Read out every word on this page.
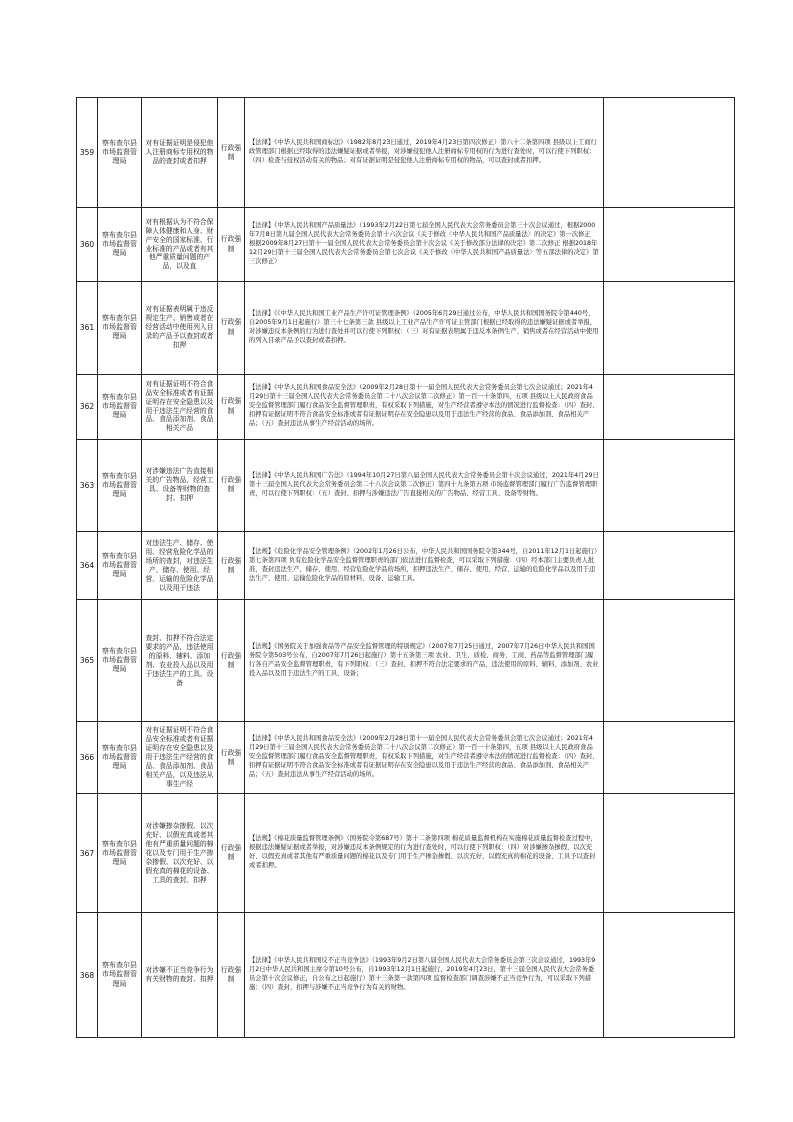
359	察布查尔县市场监督管理局	对有证据证明是侵犯他人注册商标专用权的物品的查封或者扣押	行政强制	【法律】《中华人民共和国商标法》（1982年8月23日通过，2019年4月23日第四次修正）第六十二条第四项 县级以上工商行政管理部门根据已经取得的违法嫌疑证据或者举报，对涉嫌侵犯他人注册商标专用权的行为进行查处时，可以行使下列职权：（四）检查与侵权活动有关的物品；对有证据证明是侵犯他人注册商标专用权的物品，可以查封或者扣押。	

360	察布查尔县市场监督管理局	对有根据认为不符合保障人体健康和人身、财产安全的国家标准、行业标准的产品或者有其他严重质量问题的产品，以及直	行政强制	【法律】《中华人民共和国产品质量法》（1993年2月22日第七届全国人民代表大会常务委员会第三十次会议通过，根据2000年7月8日第九届全国人民代表大会常务委员会第十六次会议《关于修改〈中华人民共和国产品质量法〉的决定》第一次修正 根据2009年8月27日第十一届全国人民代表大会常务委员会第十次会议《关于修改部分法律的决定》第二次修正 根据2018年12月29日第十三届全国人民代表大会常务委员会第七次会议《关于修改〈中华人民共和国产品质量法〉等五部法律的决定》第三次修正）	

361	察布查尔县市场监督管理局	对有证据表明属于违反规定生产、销售或者在经营活动中使用列入目录的产品予以查封或者扣押	行政强制	【法律】《《中华人民共和国工业产品生产许可证管理条例》（2005年6月29日通过公布，中华人民共和国国务院令第440号，自2005年9月1日起施行）第三十七条第三款 县级以上工业产品生产许可证主管部门根据已经取得的违法嫌疑证据或者举报，对涉嫌违反本条例的行为进行查处并可以行使下列职权：（三）对有证据表明属于违反本条例生产、销售或者在经营活动中使用的列入目录产品予以查封或者扣押。	

362	察布查尔县市场监督管理局	对有证据证明不符合食品安全标准或者有证据证明存在安全隐患以及用于违法生产经营的食品、食品添加剂、食品相关产品	行政强制	【法律】《中华人民共和国食品安全法》（2009年2月28日第十一届全国人民代表大会常务委员会第七次会议通过；2021年4月29日第十三届全国人民代表大会常务委员会第二十八次会议第二次修正）第一百一十条第四、五项 县级以上人民政府食品安全监督管理部门履行食品安全监督管理职责，有权采取下列措施，对生产经营者遵守本法的情况进行监督检查：（四）查封、扣押有证据证明不符合食品安全标准或者有证据证明存在安全隐患以及用于违法生产经营的食品、食品添加剂、食品相关产品；（五）查封违法从事生产经营活动的场所。	

363	察布查尔县市场监督管理局	对涉嫌违法广告直接相关的广告物品、经营工具、设备等财物的查封、扣押	行政强制	【法律】《中华人民共和国广告法》（1994年10月27日第八届全国人民代表大会常务委员会第十次会议通过，2021年4月29日第十三届全国人民代表大会常务委员会第二十八次会议第二次修正）第四十九条第五项 市场监督管理部门履行广告监督管理职责，可以行使下列职权：（五）查封、扣押与涉嫌违法广告直接相关的广告物品、经营工具、设备等财物。	

364	察布查尔县市场监督管理局	对违法生产、储存、使用、经营危险化学品的场所的查封，对违法生产、储存、使用、经营、运输的危险化学品以及用于违法	行政强制	【法规】《危险化学品安全管理条例》（2002年1月26日公布，中华人民共和国国务院令第344号，自2011年12月1日起施行）第七条第四项 负有危险化学品安全监督管理职责的部门依法进行监督检查，可以采取下列措施：（四）经本部门主要负责人批准，查封违法生产、储存、使用、经营危险化学品的场所，扣押违法生产、储存、使用、经营、运输的危险化学品以及用于违法生产、使用、运输危险化学品的原材料、设备、运输工具。	

365	察布查尔县市场监督管理局	查封、扣押不符合法定要求的产品，违法使用的原料、辅料、添加剂、农业投入品以及用于违法生产的工具、设备	行政强制	【法规】《国务院关于加强食品等产品安全监督管理的特别规定》（2007年7月25日通过，2007年7月26日中华人民共和国国务院令第503号公布，自2007年7月26日起施行）第十五条第三项 农业、卫生、质检、商务、工商、药品等监督管理部门履行各自产品安全监督管理职责，有下列职权：（三）查封、扣押不符合法定要求的产品，违法使用的原料、辅料、添加剂、农业投入品以及用于违法生产的工具、设备；	

366	察布查尔县市场监督管理局	对有证据证明不符合食品安全标准或者有证据证明存在安全隐患以及用于违法生产经营的食品、食品添加剂、食品相关产品，以及违法从事生产经	行政强制	【法律】《中华人民共和国食品安全法》（2009年2月28日第十一届全国人民代表大会常务委员会第七次会议通过；2021年4月29日第十三届全国人民代表大会常务委员会第二十八次会议第二次修正）第一百一十条第四、五项 县级以上人民政府食品安全监督管理部门履行食品安全监督管理职责，有权采取下列措施，对生产经营者遵守本法的情况进行监督检查：（四）查封、扣押有证据证明不符合食品安全标准或者有证据证明存在安全隐患以及用于违法生产经营的食品、食品添加剂、食品相关产品；（五）查封违法从事生产经营活动的场所。	

367	察布查尔县市场监督管理局	对涉嫌掺杂掺假、以次充好、以假充真或者其他有严重质量问题的棉花以及专门用于生产掺杂掺假、以次充好、以假充真的棉花的设备、工具的查封、扣押	行政强制	【法规】《棉花质量监督管理条例》（国务院令第687号）第十二条第四项 棉花质量监督机构在实施棉花质量监督检查过程中，根据违法嫌疑证据或者举报，对涉嫌违反本条例规定的行为进行查处时，可以行使下列职权：（四）对涉嫌掺杂掺假、以次充好、以假充真或者其他有严重质量问题的棉花以及专门用于生产掺杂掺假、以次充好、以假充真的棉花的设备、工具予以查封或者扣押。	

368	察布查尔县市场监督管理局	对涉嫌不正当竞争行为有关财物的查封、扣押	行政强制	【法律】《中华人民共和国反不正当竞争法》（1993年9月2日第八届全国人民代表大会常务委员会第三次会议通过，1993年9月2日中华人民共和国主席令第10号公布，自1993年12月1日起施行，2019年4月23日，第十三届全国人民代表大会常务委员会第十次会议修正，自公布之日起施行）第十三条第一款第四项 监督检查部门调查涉嫌不正当竞争行为，可以采取下列措施：（四）查封、扣押与涉嫌不正当竞争行为有关的财物。	
